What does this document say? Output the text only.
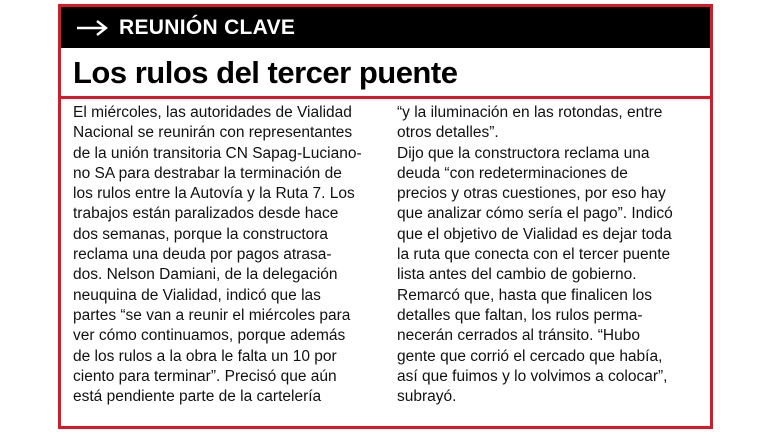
REUNIÓN CLAVE
Los rulos del tercer puente
El miércoles, las autoridades de Vialidad
Nacional se reunirán con representantes
de la unión transitoria CN Sapag-Luciano-
no SA para destrabar la terminación de
los rulos entre la Autovía y la Ruta 7. Los
trabajos están paralizados desde hace
dos semanas, porque la constructora
reclama una deuda por pagos atrasa-
dos. Nelson Damiani, de la delegación
neuquina de Vialidad, indicó que las
partes “se van a reunir el miércoles para
ver cómo continuamos, porque además
de los rulos a la obra le falta un 10 por
ciento para terminar”. Precisó que aún
está pendiente parte de la cartelería
“y la iluminación en las rotondas, entre
otros detalles”.
Dijo que la constructora reclama una
deuda “con redeterminaciones de
precios y otras cuestiones, por eso hay
que analizar cómo sería el pago”. Indicó
que el objetivo de Vialidad es dejar toda
la ruta que conecta con el tercer puente
lista antes del cambio de gobierno.
Remarcó que, hasta que finalicen los
detalles que faltan, los rulos perma-
necerán cerrados al tránsito. “Hubo
gente que corrió el cercado que había,
así que fuimos y lo volvimos a colocar”,
subrayó.
